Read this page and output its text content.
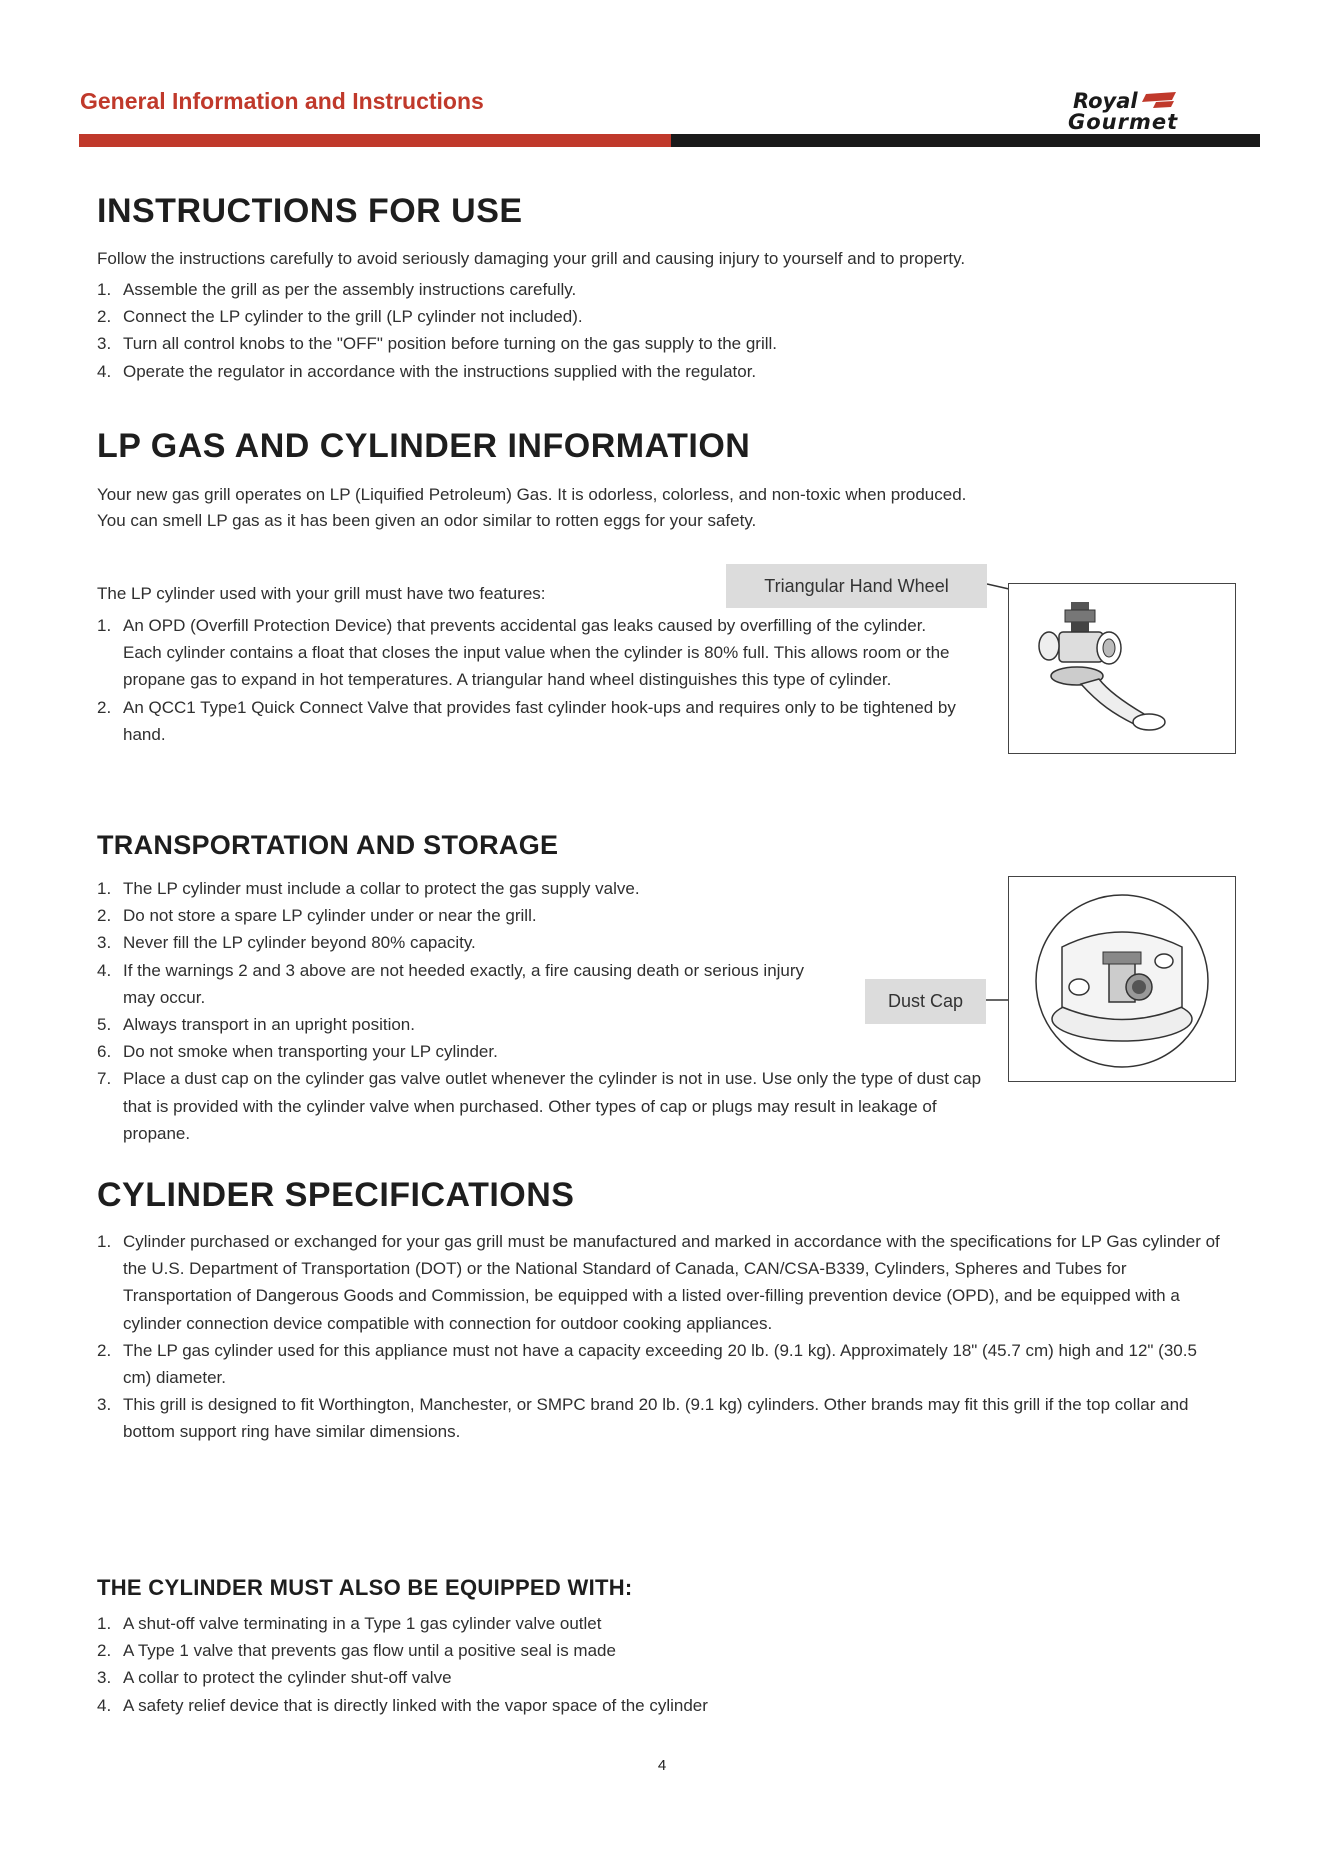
General Information and Instructions	Royal
Gourmet
INSTRUCTIONS FOR USE
Follow the instructions carefully to avoid seriously damaging your grill and causing injury to yourself and to property.
1. Assemble the grill as per the assembly instructions carefully.
2. Connect the LP cylinder to the grill (LP cylinder not included).
3. Turn all control knobs to the "OFF" position before turning on the gas supply to the grill.
4. Operate the regulator in accordance with the instructions supplied with the regulator.
LP GAS AND CYLINDER INFORMATION
Your new gas grill operates on LP (Liquified Petroleum) Gas. It is odorless, colorless, and non-toxic when produced.
You can smell LP gas as it has been given an odor similar to rotten eggs for your safety.
The LP cylinder used with your grill must have two features:
1. An OPD (Overfill Protection Device) that prevents accidental gas leaks caused by overfilling of the cylinder. Each cylinder contains a float that closes the input value when the cylinder is 80% full. This allows room or the propane gas to expand in hot temperatures. A triangular hand wheel distinguishes this type of cylinder.
2. An QCC1 Type1 Quick Connect Valve that provides fast cylinder hook-ups and requires only to be tightened by hand.
Triangular Hand Wheel
TRANSPORTATION AND STORAGE
1. The LP cylinder must include a collar to protect the gas supply valve.
2. Do not store a spare LP cylinder under or near the grill.
3. Never fill the LP cylinder beyond 80% capacity.
4. If the warnings 2 and 3 above are not heeded exactly, a fire causing death or serious injury may occur.
5. Always transport in an upright position.
6. Do not smoke when transporting your LP cylinder.
7. Place a dust cap on the cylinder gas valve outlet whenever the cylinder is not in use. Use only the type of dust cap that is provided with the cylinder valve when purchased. Other types of cap or plugs may result in leakage of propane.
Dust Cap
CYLINDER SPECIFICATIONS
1. Cylinder purchased or exchanged for your gas grill must be manufactured and marked in accordance with the specifications for LP Gas cylinder of the U.S. Department of Transportation (DOT) or the National Standard of Canada, CAN/CSA-B339, Cylinders, Spheres and Tubes for Transportation of Dangerous Goods and Commission, be equipped with a listed over-filling prevention device (OPD), and be equipped with a cylinder connection device compatible with connection for outdoor cooking appliances.
2. The LP gas cylinder used for this appliance must not have a capacity exceeding 20 lb. (9.1 kg). Approximately 18" (45.7 cm) high and 12" (30.5 cm) diameter.
3. This grill is designed to fit Worthington, Manchester, or SMPC brand 20 lb. (9.1 kg) cylinders. Other brands may fit this grill if the top collar and bottom support ring have similar dimensions.
THE CYLINDER MUST ALSO BE EQUIPPED WITH:
1. A shut-off valve terminating in a Type 1 gas cylinder valve outlet
2. A Type 1 valve that prevents gas flow until a positive seal is made
3. A collar to protect the cylinder shut-off valve
4. A safety relief device that is directly linked with the vapor space of the cylinder
4
